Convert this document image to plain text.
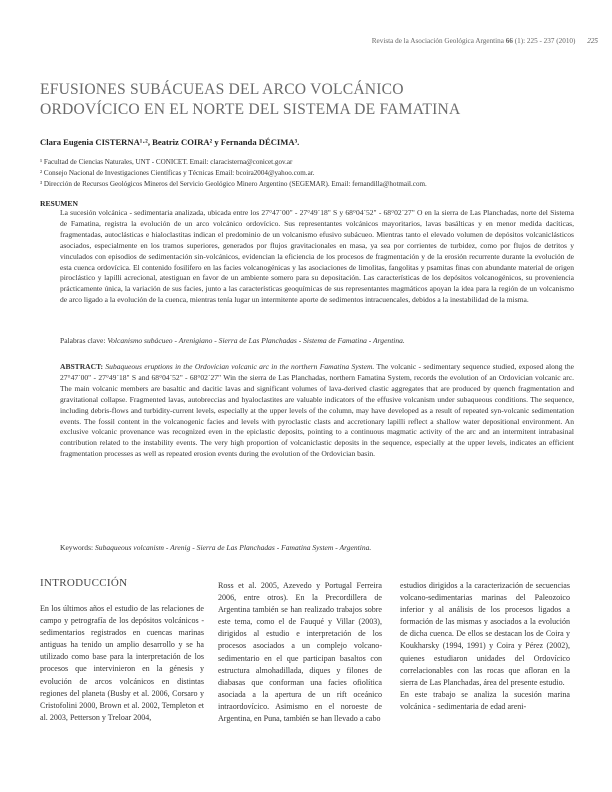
Revista de la Asociación Geológica Argentina 66 (1): 225 - 237 (2010) 225
EFUSIONES SUBÁCUEAS DEL ARCO VOLCÁNICO
ORDOVÍCICO EN EL NORTE DEL SISTEMA DE FAMATINA
Clara Eugenia CISTERNA¹·², Beatriz COIRA² y Fernanda DÉCIMA³.
¹ Facultad de Ciencias Naturales, UNT - CONICET. Email: claracisterna@conicet.gov.ar
² Consejo Nacional de Investigaciones Científicas y Técnicas Email: bcoira2004@yahoo.com.ar.
³ Dirección de Recursos Geológicos Mineros del Servicio Geológico Minero Argentino (SEGEMAR). Email: fernandilla@hotmail.com.
RESUMEN

La sucesión volcánica - sedimentaria analizada, ubicada entre los 27°47´00" - 27°49´18" S y 68°04´52" - 68°02´27" O en la sierra de Las Planchadas, norte del Sistema de Famatina, registra la evolución de un arco volcánico ordovícico. Sus representantes volcánicos mayoritarios, lavas basálticas y en menor medida dacíticas, fragmentadas, autoclásticas e hialoclastitas indican el predominio de un volcanismo efusivo subácueo. Mientras tanto el elevado volumen de depósitos volcaniclásticos asociados, especialmente en los tramos superiores, generados por flujos gravitacionales en masa, ya sea por corrientes de turbidez, como por flujos de detritos y vinculados con episodios de sedimentación sin-volcánicos, evidencian la eficiencia de los procesos de fragmentación y de la erosión recurrente durante la evolución de esta cuenca ordovícica. El contenido fosilífero en las facies volcanogénicas y las asociaciones de limolitas, fangolitas y psamitas finas con abundante material de origen piroclástico y lapilli acrecional, atestiguan en favor de un ambiente somero para su depositación. Las características de los depósitos volcanogénicos, su proveniencia prácticamente única, la variación de sus facies, junto a las características geoquímicas de sus representantes magmáticos apoyan la idea para la región de un volcanismo de arco ligado a la evolución de la cuenca, mientras tenía lugar un intermitente aporte de sedimentos intracuencales, debidos a la inestabilidad de la misma.

Palabras clave: Volcanismo subácueo - Arenigiano - Sierra de Las Planchadas - Sistema de Famatina - Argentina.

ABSTRACT: Subaqueous eruptions in the Ordovician volcanic arc in the northern Famatina System. The volcanic - sedimentary sequence studied, exposed along the 27°47´00" - 27°49´18" S and 68°04´52" - 68°02´27" Win the sierra de Las Planchadas, northern Famatina System, records the evolution of an Ordovician volcanic arc. The main volcanic members are basaltic and dacitic lavas and significant volumes of lava-derived clastic aggregates that are produced by quench fragmentation and gravitational collapse. Fragmented lavas, autobreccias and hyaloclastites are valuable indicators of the effusive volcanism under subaqueous conditions. The sequence, including debris-flows and turbidity-current levels, especially at the upper levels of the column, may have developed as a result of repeated syn-volcanic sedimentation events. The fossil content in the volcanogenic facies and levels with pyroclastic clasts and accretionary lapilli reflect a shallow water depositional environment. An exclusive volcanic provenance was recognized even in the epiclastic deposits, pointing to a continuous magmatic activity of the arc and an intermitent intrabasinal contribution related to the instability events. The very high proportion of volcaniclastic deposits in the sequence, especially at the upper levels, indicates an efficient fragmentation processes as well as repeated erosion events during the evolution of the Ordovician basin.

Keywords: Subaqueous volcanism - Arenig - Sierra de Las Planchadas - Famatina System - Argentina.
INTRODUCCIÓN

En los últimos años el estudio de las relaciones de campo y petrografía de los depósitos volcánicos - sedimentarios registrados en cuencas marinas antiguas ha tenido un amplio desarrollo y se ha utilizado como base para la interpretación de los procesos que intervinieron en la génesis y evolución de arcos volcánicos en distintas regiones del planeta (Busby et al. 2006, Corsaro y Cristofolini 2000, Brown et al. 2002, Templeton et al. 2003, Petterson y Treloar 2004,

Ross et al. 2005, Azevedo y Portugal Ferreira 2006, entre otros). En la Precordillera de Argentina también se han realizado trabajos sobre este tema, como el de Fauqué y Villar (2003), dirigidos al estudio e interpretación de los procesos asociados a un complejo volcano- sedimentario en el que participan basaltos con estructura almohadillada, diques y filones de diabasas que conforman una facies ofiolítica asociada a la apertura de un rift oceánico intraordovícico. Asimismo en el noroeste de Argentina, en Puna, también se han llevado a cabo

estudios dirigidos a la caracterización de secuencias volcano-sedimentarias marinas del Paleozoico inferior y al análisis de los procesos ligados a formación de las mismas y asociados a la evolución de dicha cuenca. De ellos se destacan los de Coira y Koukharsky (1994, 1991) y Coira y Pérez (2002), quienes estudiaron unidades del Ordovícico correlacionables con las rocas que afloran en la sierra de Las Planchadas, área del presente estudio.

En este trabajo se analiza la sucesión marina volcánica - sedimentaria de edad areni-
